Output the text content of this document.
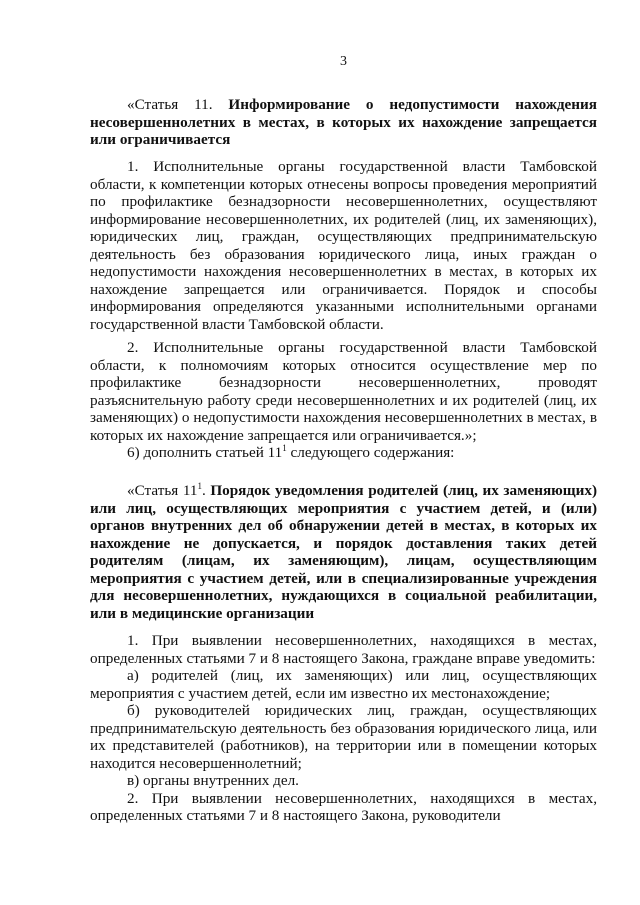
3

«Статья 11. Информирование о недопустимости нахождения несовершеннолетних в местах, в которых их нахождение запрещается или ограничивается

1. Исполнительные органы государственной власти Тамбовской области, к компетенции которых отнесены вопросы проведения мероприятий по профилактике безнадзорности несовершеннолетних, осуществляют информирование несовершеннолетних, их родителей (лиц, их заменяющих), юридических лиц, граждан, осуществляющих предпринимательскую деятельность без образования юридического лица, иных граждан о недопустимости нахождения несовершеннолетних в местах, в которых их нахождение запрещается или ограничивается. Порядок и способы информирования определяются указанными исполнительными органами государственной власти Тамбовской области.

2. Исполнительные органы государственной власти Тамбовской области, к полномочиям которых относится осуществление мер по профилактике безнадзорности несовершеннолетних, проводят разъяснительную работу среди несовершеннолетних и их родителей (лиц, их заменяющих) о недопустимости нахождения несовершеннолетних в местах, в которых их нахождение запрещается или ограничивается.»;

6) дополнить статьей $11^1$ следующего содержания:

«Статья $11^1$. Порядок уведомления родителей (лиц, их заменяющих) или лиц, осуществляющих мероприятия с участием детей, и (или) органов внутренних дел об обнаружении детей в местах, в которых их нахождение не допускается, и порядок доставления таких детей родителям (лицам, их заменяющим), лицам, осуществляющим мероприятия с участием детей, или в специализированные учреждения для несовершеннолетних, нуждающихся в социальной реабилитации, или в медицинские организации

1. При выявлении несовершеннолетних, находящихся в местах, определенных статьями 7 и 8 настоящего Закона, граждане вправе уведомить:

а) родителей (лиц, их заменяющих) или лиц, осуществляющих мероприятия с участием детей, если им известно их местонахождение;

б) руководителей юридических лиц, граждан, осуществляющих предпринимательскую деятельность без образования юридического лица, или их представителей (работников), на территории или в помещении которых находится несовершеннолетний;

в) органы внутренних дел.

2. При выявлении несовершеннолетних, находящихся в местах, определенных статьями 7 и 8 настоящего Закона, руководители
